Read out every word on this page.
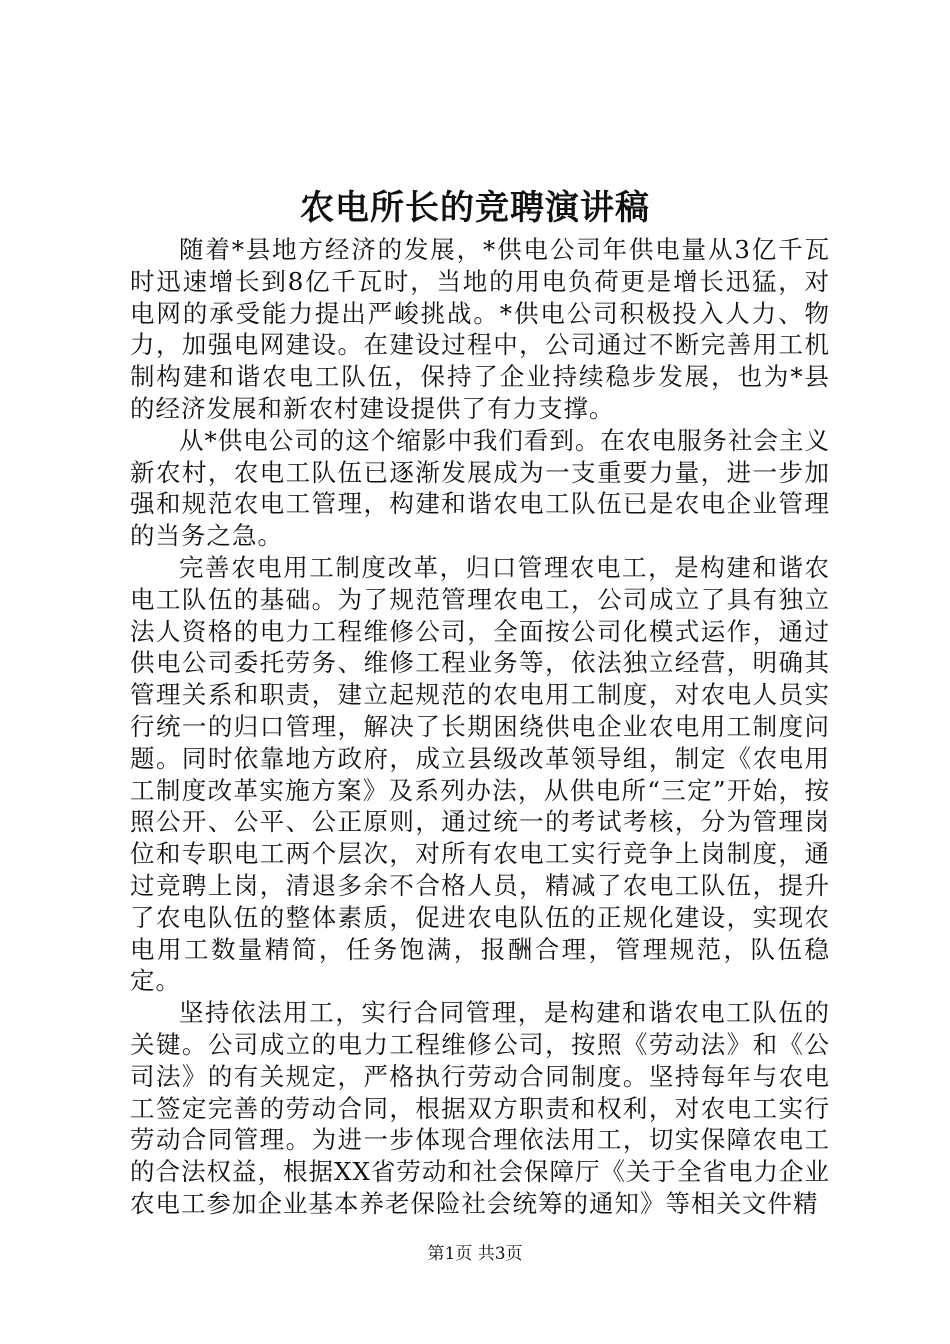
农电所长的竞聘演讲稿

随着*县地方经济的发展，*供电公司年供电量从3亿千瓦时迅速增长到8亿千瓦时，当地的用电负荷更是增长迅猛，对电网的承受能力提出严峻挑战。*供电公司积极投入人力、物力，加强电网建设。在建设过程中，公司通过不断完善用工机制构建和谐农电工队伍，保持了企业持续稳步发展，也为*县的经济发展和新农村建设提供了有力支撑。

从*供电公司的这个缩影中我们看到。在农电服务社会主义新农村，农电工队伍已逐渐发展成为一支重要力量，进一步加强和规范农电工管理，构建和谐农电工队伍已是农电企业管理的当务之急。

完善农电用工制度改革，归口管理农电工，是构建和谐农电工队伍的基础。为了规范管理农电工，公司成立了具有独立法人资格的电力工程维修公司，全面按公司化模式运作，通过供电公司委托劳务、维修工程业务等，依法独立经营，明确其管理关系和职责，建立起规范的农电用工制度，对农电人员实行统一的归口管理，解决了长期困绕供电企业农电用工制度问题。同时依靠地方政府，成立县级改革领导组，制定《农电用工制度改革实施方案》及系列办法，从供电所“三定”开始，按照公开、公平、公正原则，通过统一的考试考核，分为管理岗位和专职电工两个层次，对所有农电工实行竞争上岗制度，通过竞聘上岗，清退多余不合格人员，精减了农电工队伍，提升了农电队伍的整体素质，促进农电队伍的正规化建设，实现农电用工数量精简，任务饱满，报酬合理，管理规范，队伍稳定。

坚持依法用工，实行合同管理，是构建和谐农电工队伍的关键。公司成立的电力工程维修公司，按照《劳动法》和《公司法》的有关规定，严格执行劳动合同制度。坚持每年与农电工签定完善的劳动合同，根据双方职责和权利，对农电工实行劳动合同管理。为进一步体现合理依法用工，切实保障农电工的合法权益，根据XX省劳动和社会保障厅《关于全省电力企业农电工参加企业基本养老保险社会统筹的通知》等相关文件精

第1页 共3页
